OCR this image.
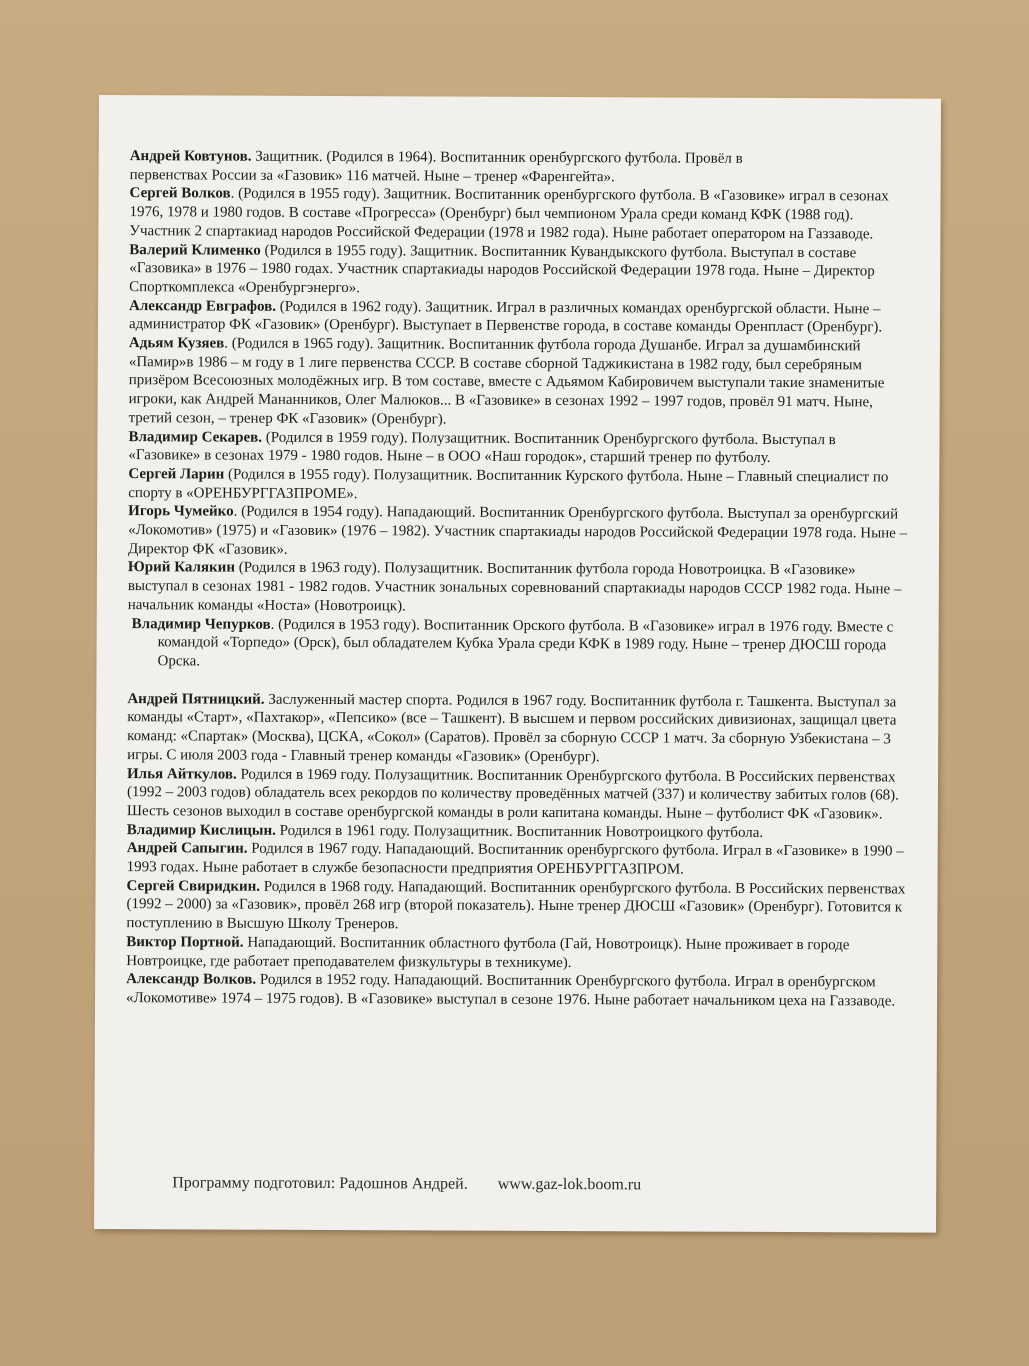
Андрей Ковтунов. Защитник. (Родился в 1964). Воспитанник оренбургского футбола. Провёл в
первенствах России за «Газовик» 116 матчей. Ныне – тренер «Фаренгейта».

Сергей Волков. (Родился в 1955 году). Защитник. Воспитанник оренбургского футбола. В «Газовике» играл в сезонах 1976, 1978 и 1980 годов. В составе «Прогресса» (Оренбург) был чемпионом Урала среди команд КФК (1988 год). Участник 2 спартакиад народов Российской Федерации (1978 и 1982 года). Ныне работает оператором на Газзаводе.

Валерий Клименко (Родился в 1955 году). Защитник. Воспитанник Кувандыкского футбола. Выступал в составе «Газовика» в 1976 – 1980 годах. Участник спартакиады народов Российской Федерации 1978 года. Ныне – Директор Спорткомплекса «Оренбургэнерго».

Александр Евграфов. (Родился в 1962 году). Защитник. Играл в различных командах оренбургской области. Ныне – администратор ФК «Газовик» (Оренбург). Выступает в Первенстве города, в составе команды Оренпласт (Оренбург).

Адьям Кузяев. (Родился в 1965 году). Защитник. Воспитанник футбола города Душанбе. Играл за душамбинский «Памир»в 1986 – м году в 1 лиге первенства СССР. В составе сборной Таджикистана в 1982 году, был серебряным призёром Всесоюзных молодёжных игр. В том составе, вместе с Адьямом Кабировичем выступали такие знаменитые игроки, как Андрей Мананников, Олег Малюков... В «Газовике» в сезонах 1992 – 1997 годов, провёл 91 матч. Ныне, третий сезон, – тренер ФК «Газовик» (Оренбург).

Владимир Секарев. (Родился в 1959 году). Полузащитник. Воспитанник Оренбургского футбола. Выступал в «Газовике» в сезонах 1979 - 1980 годов. Ныне – в ООО «Наш городок», старший тренер по футболу.

Сергей Ларин (Родился в 1955 году). Полузащитник. Воспитанник Курского футбола. Ныне – Главный специалист по спорту в «ОРЕНБУРГГАЗПРОМЕ».

Игорь Чумейко. (Родился в 1954 году). Нападающий. Воспитанник Оренбургского футбола. Выступал за оренбургский «Локомотив» (1975) и «Газовик» (1976 – 1982). Участник спартакиады народов Российской Федерации 1978 года. Ныне – Директор ФК «Газовик».

Юрий Калякин (Родился в 1963 году). Полузащитник. Воспитанник футбола города Новотроицка. В «Газовике» выступал в сезонах 1981 - 1982 годов. Участник зональных соревнований спартакиады народов СССР 1982 года. Ныне – начальник команды «Носта» (Новотроицк).

Владимир Чепурков. (Родился в 1953 году). Воспитанник Орского футбола. В «Газовике» играл в 1976 году. Вместе с командой «Торпедо» (Орск), был обладателем Кубка Урала среди КФК в 1989 году. Ныне – тренер ДЮСШ города Орска.

Андрей Пятницкий. Заслуженный мастер спорта. Родился в 1967 году. Воспитанник футбола г. Ташкента. Выступал за команды «Старт», «Пахтакор», «Пепсико» (все – Ташкент). В высшем и первом российских дивизионах, защищал цвета команд: «Спартак» (Москва), ЦСКА, «Сокол» (Саратов). Провёл за сборную СССР 1 матч. За сборную Узбекистана – 3 игры. С июля 2003 года - Главный тренер команды «Газовик» (Оренбург).

Илья Айткулов. Родился в 1969 году. Полузащитник. Воспитанник Оренбургского футбола. В Российских первенствах (1992 – 2003 годов) обладатель всех рекордов по количеству проведённых матчей (337) и количеству забитых голов (68). Шесть сезонов выходил в составе оренбургской команды в роли капитана команды. Ныне – футболист ФК «Газовик».

Владимир Кислицын. Родился в 1961 году. Полузащитник. Воспитанник Новотроицкого футбола.

Андрей Сапыгин. Родился в 1967 году. Нападающий. Воспитанник оренбургского футбола. Играл в «Газовике» в 1990 – 1993 годах. Ныне работает в службе безопасности предприятия ОРЕНБУРГГАЗПРОМ.

Сергей Свиридкин. Родился в 1968 году. Нападающий. Воспитанник оренбургского футбола. В Российских первенствах (1992 – 2000) за «Газовик», провёл 268 игр (второй показатель). Ныне тренер ДЮСШ «Газовик» (Оренбург). Готовится к поступлению в Высшую Школу Тренеров.

Виктор Портной. Нападающий. Воспитанник областного футбола (Гай, Новотроицк). Ныне проживает в городе Новтроицке, где работает преподавателем физкультуры в техникуме).

Александр Волков. Родился в 1952 году. Нападающий. Воспитанник Оренбургского футбола. Играл в оренбургском «Локомотиве» 1974 – 1975 годов). В «Газовике» выступал в сезоне 1976. Ныне работает начальником цеха на Газзаводе.

Программу подготовил: Радошнов Андрей. www.gaz-lok.boom.ru
